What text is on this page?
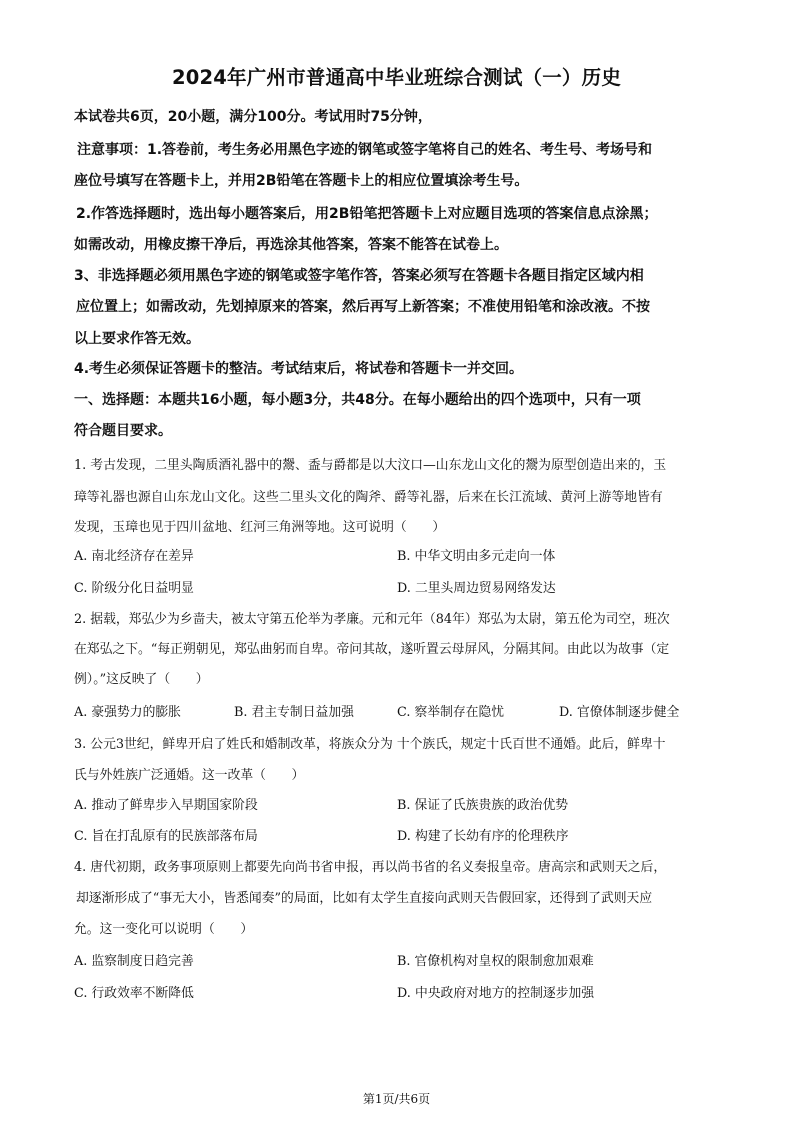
2024年广州市普通高中毕业班综合测试（一）历史
本试卷共6页，20小题，满分100分。考试用时75分钟，
注意事项：1.答卷前，考生务必用黑色字迹的钢笔或签字笔将自己的姓名、考生号、考场号和
座位号填写在答题卡上，并用2B铅笔在答题卡上的相应位置填涂考生号。
2.作答选择题时，选出每小题答案后，用2B铅笔把答题卡上对应题目选项的答案信息点涂黑；
如需改动，用橡皮擦干净后，再选涂其他答案，答案不能答在试卷上。
3、非选择题必须用黑色字迹的钢笔或签字笔作答，答案必须写在答题卡各题目指定区域内相
应位置上；如需改动，先划掉原来的答案，然后再写上新答案；不准使用铅笔和涂改液。不按
以上要求作答无效。
4.考生必须保证答题卡的整洁。考试结束后，将试卷和答题卡一并交回。
一、选择题：本题共16小题，每小题3分，共48分。在每小题给出的四个选项中，只有一项
符合题目要求。
1. 考古发现，二里头陶质酒礼器中的鬶、盉与爵都是以大汶口—山东龙山文化的鬶为原型创造出来的，玉
璋等礼器也源自山东龙山文化。这些二里头文化的陶斧、爵等礼器，后来在长江流域、黄河上游等地皆有
发现，玉璋也见于四川盆地、红河三角洲等地。这可说明（　　）
A. 南北经济存在差异	B. 中华文明由多元走向一体
C. 阶级分化日益明显	D. 二里头周边贸易网络发达
2. 据载，郑弘少为乡啬夫，被太守第五伦举为孝廉。元和元年（84年）郑弘为太尉，第五伦为司空，班次
在郑弘之下。“每正朔朝见，郑弘曲躬而自卑。帝问其故，遂听置云母屏风，分隔其间。由此以为故事（定
例）。”这反映了（　　）
A. 豪强势力的膨胀	B. 君主专制日益加强	C. 察举制存在隐忧	D. 官僚体制逐步健全
3. 公元3世纪，鲜卑开启了姓氏和婚制改革，将族众分为 十个族氏，规定十氏百世不通婚。此后，鲜卑十
氏与外姓族广泛通婚。这一改革（　　）
A. 推动了鲜卑步入早期国家阶段	B. 保证了氏族贵族的政治优势
C. 旨在打乱原有的民族部落布局	D. 构建了长幼有序的伦理秩序
4. 唐代初期，政务事项原则上都要先向尚书省申报，再以尚书省的名义奏报皇帝。唐高宗和武则天之后，
却逐渐形成了“事无大小，皆悉闻奏”的局面，比如有太学生直接向武则天告假回家，还得到了武则天应
允。这一变化可以说明（　　）
A. 监察制度日趋完善	B. 官僚机构对皇权的限制愈加艰难
C. 行政效率不断降低	D. 中央政府对地方的控制逐步加强
第1页/共6页
